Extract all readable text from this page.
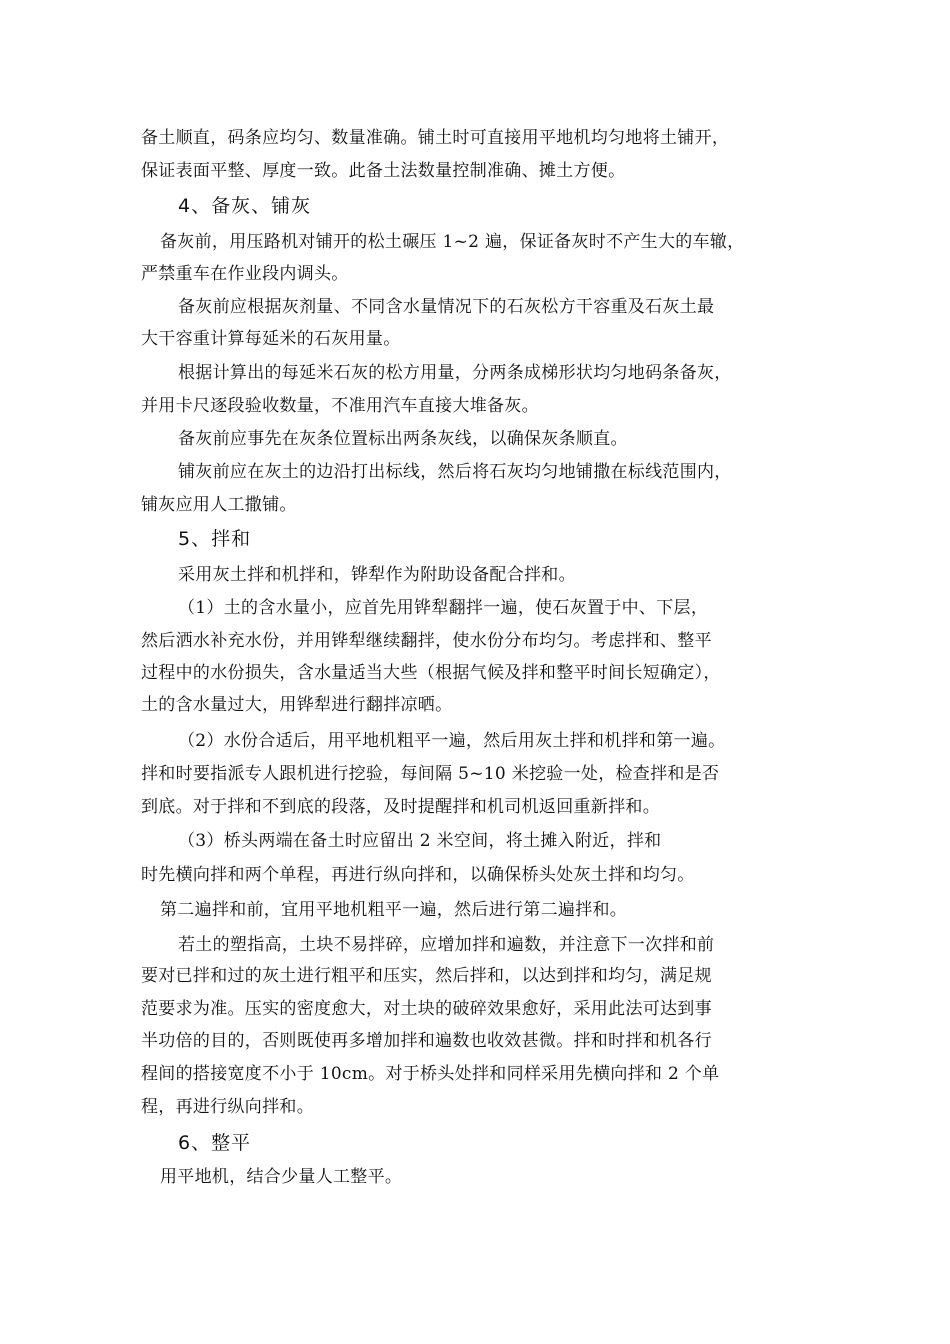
备土顺直，码条应均匀、数量准确。铺土时可直接用平地机均匀地将土铺开，
保证表面平整、厚度一致。此备土法数量控制准确、摊土方便。
4、备灰、铺灰
备灰前，用压路机对铺开的松土碾压 1~2 遍，保证备灰时不产生大的车辙，
严禁重车在作业段内调头。
备灰前应根据灰剂量、不同含水量情况下的石灰松方干容重及石灰土最
大干容重计算每延米的石灰用量。
根据计算出的每延米石灰的松方用量，分两条成梯形状均匀地码条备灰，
并用卡尺逐段验收数量，不准用汽车直接大堆备灰。
备灰前应事先在灰条位置标出两条灰线，以确保灰条顺直。
铺灰前应在灰土的边沿打出标线，然后将石灰均匀地铺撒在标线范围内，
铺灰应用人工撒铺。
5、拌和
采用灰土拌和机拌和，铧犁作为附助设备配合拌和。
（1）土的含水量小，应首先用铧犁翻拌一遍，使石灰置于中、下层，
然后洒水补充水份，并用铧犁继续翻拌，使水份分布均匀。考虑拌和、整平
过程中的水份损失，含水量适当大些（根据气候及拌和整平时间长短确定），
土的含水量过大，用铧犁进行翻拌凉晒。
（2）水份合适后，用平地机粗平一遍，然后用灰土拌和机拌和第一遍。
拌和时要指派专人跟机进行挖验，每间隔 5~10 米挖验一处，检查拌和是否
到底。对于拌和不到底的段落，及时提醒拌和机司机返回重新拌和。
（3）桥头两端在备土时应留出 2 米空间，将土摊入附近，拌和
时先横向拌和两个单程，再进行纵向拌和，以确保桥头处灰土拌和均匀。
第二遍拌和前，宜用平地机粗平一遍，然后进行第二遍拌和。
若土的塑指高，土块不易拌碎，应增加拌和遍数，并注意下一次拌和前
要对已拌和过的灰土进行粗平和压实，然后拌和，以达到拌和均匀，满足规
范要求为准。压实的密度愈大，对土块的破碎效果愈好，采用此法可达到事
半功倍的目的，否则既使再多增加拌和遍数也收效甚微。拌和时拌和机各行
程间的搭接宽度不小于 10cm。对于桥头处拌和同样采用先横向拌和 2 个单
程，再进行纵向拌和。
6、整平
用平地机，结合少量人工整平。
